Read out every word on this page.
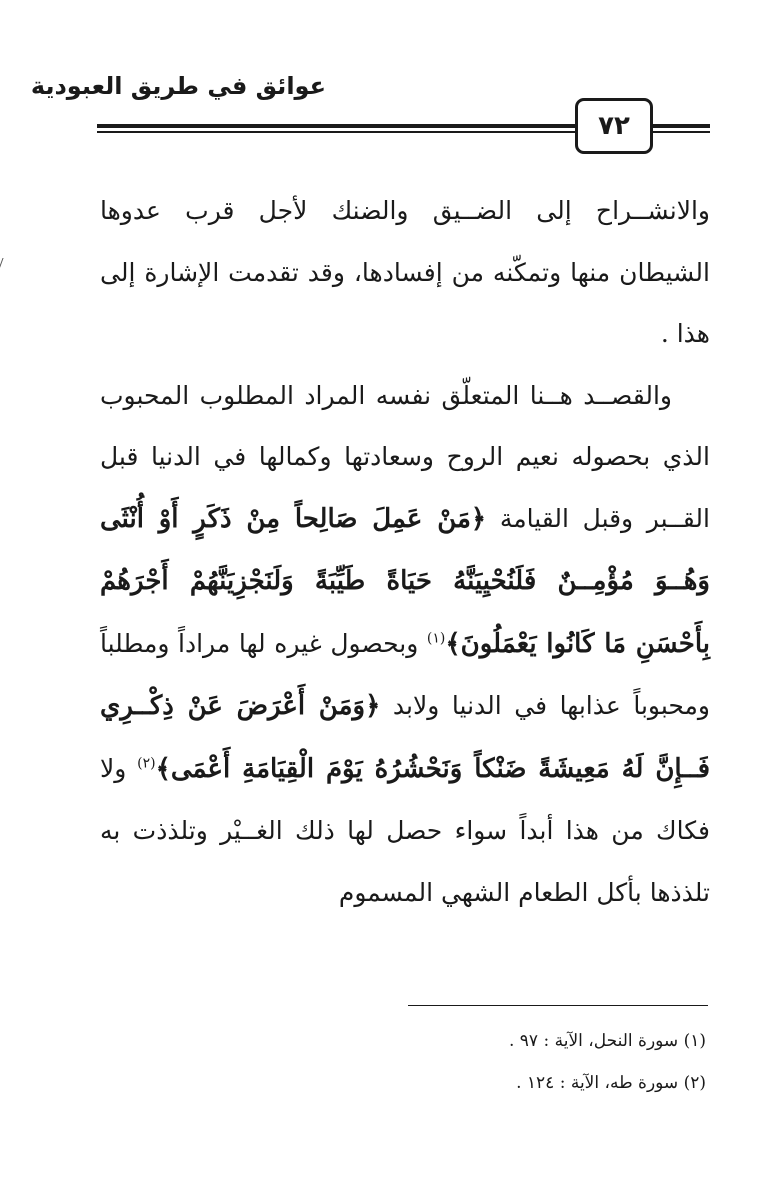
عوائق في طريق العبودية
٧٢

والانشــراح إلى الضــيق والضنك لأجل قرب عدوها الشيطان منها وتمكّنه من إفسادها، وقد تقدمت الإشارة إلى هذا .

والقصــد هــنا المتعلّق نفسه المراد المطلوب المحبوب الذي بحصوله نعيم الروح وسعادتها وكمالها في الدنيا قبل القــبر وقبل القيامة ﴿مَنْ عَمِلَ صَالِحاً مِنْ ذَكَرٍ أَوْ أُنْثَى وَهُــوَ مُؤْمِــنٌ فَلَنُحْيِيَنَّهُ حَيَاةً طَيِّبَةً وَلَنَجْزِيَنَّهُمْ أَجْرَهُمْ بِأَحْسَنِ مَا كَانُوا يَعْمَلُونَ﴾$^{(١)}$ وبحصول غيره لها مراداً ومطلباً ومحبوباً عذابها في الدنيا ولابد ﴿وَمَنْ أَعْرَضَ عَنْ ذِكْــرِي فَــإِنَّ لَهُ مَعِيشَةً ضَنْكاً وَنَحْشُرُهُ يَوْمَ الْقِيَامَةِ أَعْمَى﴾$^{(٢)}$ ولا فكاك من هذا أبداً سواء حصل لها ذلك الغــيْر وتلذذت به تلذذها بأكل الطعام الشهي المسموم

(١) سورة النحل، الآية : ٩٧ .
(٢) سورة طه، الآية : ١٢٤ .
